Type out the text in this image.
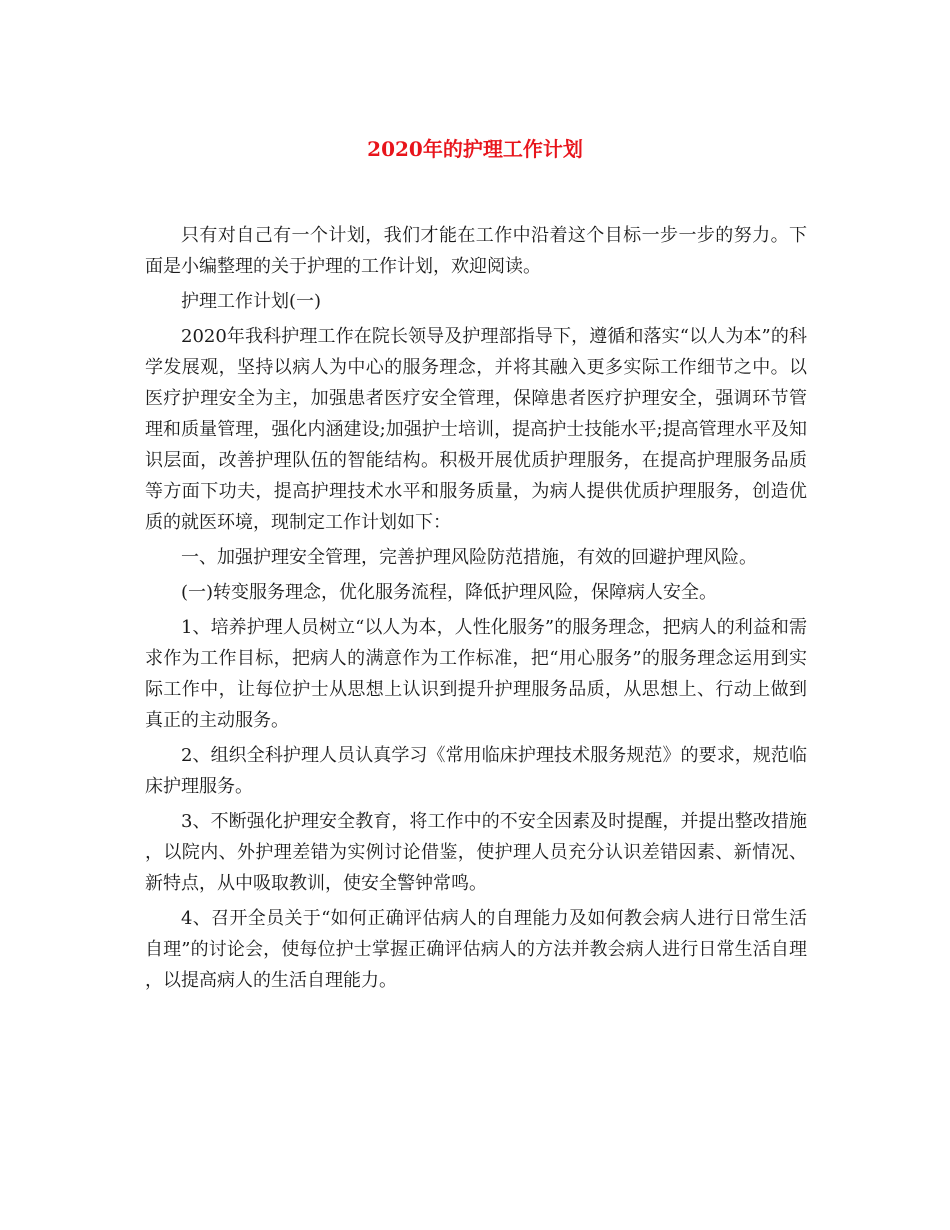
2020年的护理工作计划

只有对自己有一个计划，我们才能在工作中沿着这个目标一步一步的努力。下面是小编整理的关于护理的工作计划，欢迎阅读。

护理工作计划(一)

2020年我科护理工作在院长领导及护理部指导下，遵循和落实“以人为本”的科学发展观，坚持以病人为中心的服务理念，并将其融入更多实际工作细节之中。以医疗护理安全为主，加强患者医疗安全管理，保障患者医疗护理安全，强调环节管理和质量管理，强化内涵建设;加强护士培训，提高护士技能水平;提高管理水平及知识层面，改善护理队伍的智能结构。积极开展优质护理服务，在提高护理服务品质等方面下功夫，提高护理技术水平和服务质量，为病人提供优质护理服务，创造优质的就医环境，现制定工作计划如下：

一、加强护理安全管理，完善护理风险防范措施，有效的回避护理风险。

(一)转变服务理念，优化服务流程，降低护理风险，保障病人安全。

1、培养护理人员树立“以人为本，人性化服务”的服务理念，把病人的利益和需求作为工作目标，把病人的满意作为工作标准，把“用心服务”的服务理念运用到实际工作中，让每位护士从思想上认识到提升护理服务品质，从思想上、行动上做到真正的主动服务。

2、组织全科护理人员认真学习《常用临床护理技术服务规范》的要求，规范临床护理服务。

3、不断强化护理安全教育，将工作中的不安全因素及时提醒，并提出整改措施，以院内、外护理差错为实例讨论借鉴，使护理人员充分认识差错因素、新情况、新特点，从中吸取教训，使安全警钟常鸣。

4、召开全员关于“如何正确评估病人的自理能力及如何教会病人进行日常生活自理”的讨论会，使每位护士掌握正确评估病人的方法并教会病人进行日常生活自理，以提高病人的生活自理能力。
